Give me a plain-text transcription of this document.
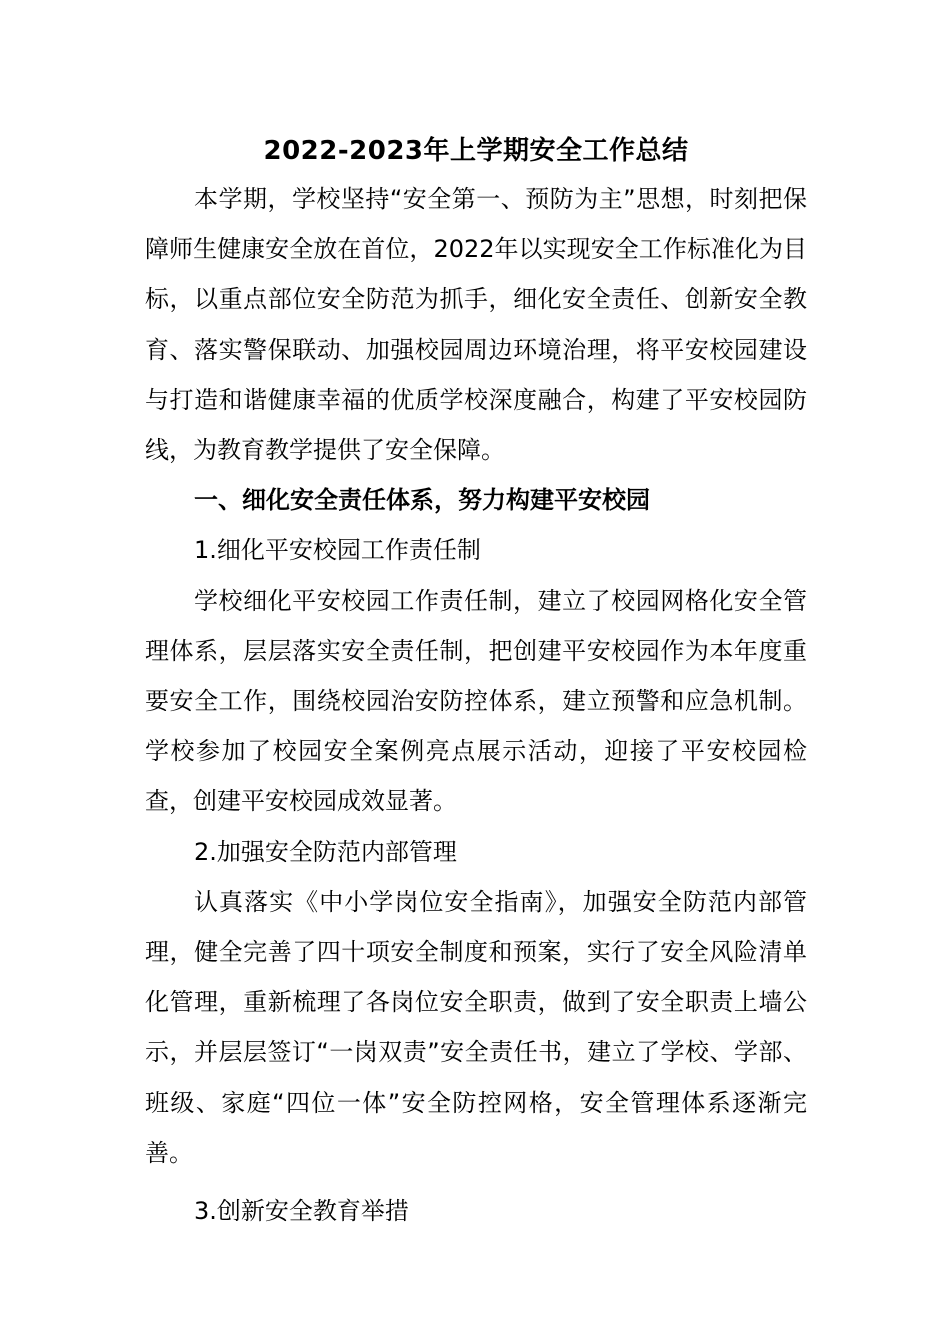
2022-2023年上学期安全工作总结

本学期，学校坚持“安全第一、预防为主”思想，时刻把保障师生健康安全放在首位，2022年以实现安全工作标准化为目标，以重点部位安全防范为抓手，细化安全责任、创新安全教育、落实警保联动、加强校园周边环境治理，将平安校园建设与打造和谐健康幸福的优质学校深度融合，构建了平安校园防线，为教育教学提供了安全保障。

一、细化安全责任体系，努力构建平安校园

1.细化平安校园工作责任制

学校细化平安校园工作责任制，建立了校园网格化安全管理体系，层层落实安全责任制，把创建平安校园作为本年度重要安全工作，围绕校园治安防控体系，建立预警和应急机制。学校参加了校园安全案例亮点展示活动，迎接了平安校园检查，创建平安校园成效显著。

2.加强安全防范内部管理

认真落实《中小学岗位安全指南》，加强安全防范内部管理，健全完善了四十项安全制度和预案，实行了安全风险清单化管理，重新梳理了各岗位安全职责，做到了安全职责上墙公示，并层层签订“一岗双责”安全责任书，建立了学校、学部、班级、家庭“四位一体”安全防控网格，安全管理体系逐渐完善。

3.创新安全教育举措
